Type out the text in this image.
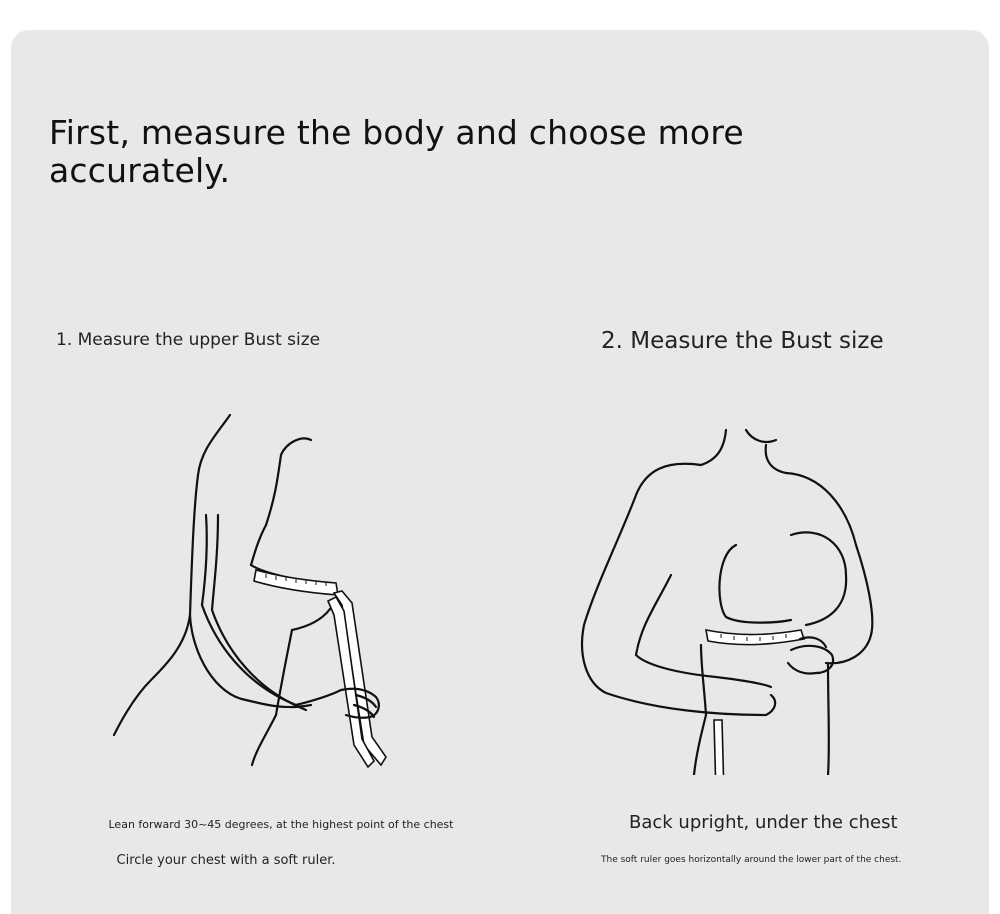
First, measure the body and choose more accurately.
1. Measure the upper Bust size	2. Measure the Bust size
Lean forward 30~45 degrees, at the highest point of the chest
Circle your chest with a soft ruler.
Back upright, under the chest
The soft ruler goes horizontally around the lower part of the chest.
